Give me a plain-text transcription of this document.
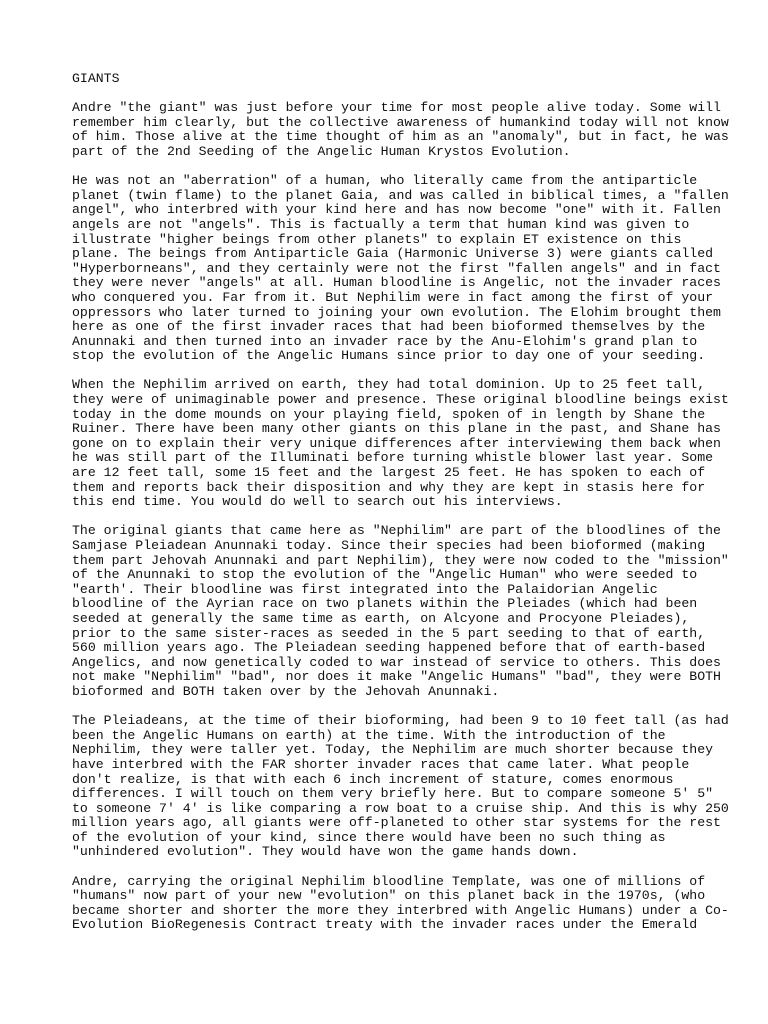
GIANTS
Andre "the giant" was just before your time for most people alive today. Some will
remember him clearly, but the collective awareness of humankind today will not know
of him. Those alive at the time thought of him as an "anomaly", but in fact, he was
part of the 2nd Seeding of the Angelic Human Krystos Evolution.
He was not an "aberration" of a human, who literally came from the antiparticle
planet (twin flame) to the planet Gaia, and was called in biblical times, a "fallen
angel", who interbred with your kind here and has now become "one" with it. Fallen
angels are not "angels". This is factually a term that human kind was given to
illustrate "higher beings from other planets" to explain ET existence on this
plane. The beings from Antiparticle Gaia (Harmonic Universe 3) were giants called
"Hyperborneans", and they certainly were not the first "fallen angels" and in fact
they were never "angels" at all. Human bloodline is Angelic, not the invader races
who conquered you. Far from it. But Nephilim were in fact among the first of your
oppressors who later turned to joining your own evolution. The Elohim brought them
here as one of the first invader races that had been bioformed themselves by the
Anunnaki and then turned into an invader race by the Anu-Elohim's grand plan to
stop the evolution of the Angelic Humans since prior to day one of your seeding.
When the Nephilim arrived on earth, they had total dominion. Up to 25 feet tall,
they were of unimaginable power and presence. These original bloodline beings exist
today in the dome mounds on your playing field, spoken of in length by Shane the
Ruiner. There have been many other giants on this plane in the past, and Shane has
gone on to explain their very unique differences after interviewing them back when
he was still part of the Illuminati before turning whistle blower last year. Some
are 12 feet tall, some 15 feet and the largest 25 feet. He has spoken to each of
them and reports back their disposition and why they are kept in stasis here for
this end time. You would do well to search out his interviews.
The original giants that came here as "Nephilim" are part of the bloodlines of the
Samjase Pleiadean Anunnaki today. Since their species had been bioformed (making
them part Jehovah Anunnaki and part Nephilim), they were now coded to the "mission"
of the Anunnaki to stop the evolution of the "Angelic Human" who were seeded to
"earth'. Their bloodline was first integrated into the Palaidorian Angelic
bloodline of the Ayrian race on two planets within the Pleiades (which had been
seeded at generally the same time as earth, on Alcyone and Procyone Pleiades),
prior to the same sister-races as seeded in the 5 part seeding to that of earth,
560 million years ago. The Pleiadean seeding happened before that of earth-based
Angelics, and now genetically coded to war instead of service to others. This does
not make "Nephilim" "bad", nor does it make "Angelic Humans" "bad", they were BOTH
bioformed and BOTH taken over by the Jehovah Anunnaki.
The Pleiadeans, at the time of their bioforming, had been 9 to 10 feet tall (as had
been the Angelic Humans on earth) at the time. With the introduction of the
Nephilim, they were taller yet. Today, the Nephilim are much shorter because they
have interbred with the FAR shorter invader races that came later. What people
don't realize, is that with each 6 inch increment of stature, comes enormous
differences. I will touch on them very briefly here. But to compare someone 5' 5"
to someone 7' 4' is like comparing a row boat to a cruise ship. And this is why 250
million years ago, all giants were off-planeted to other star systems for the rest
of the evolution of your kind, since there would have been no such thing as
"unhindered evolution". They would have won the game hands down.
Andre, carrying the original Nephilim bloodline Template, was one of millions of
"humans" now part of your new "evolution" on this planet back in the 1970s, (who
became shorter and shorter the more they interbred with Angelic Humans) under a Co-
Evolution BioRegenesis Contract treaty with the invader races under the Emerald
